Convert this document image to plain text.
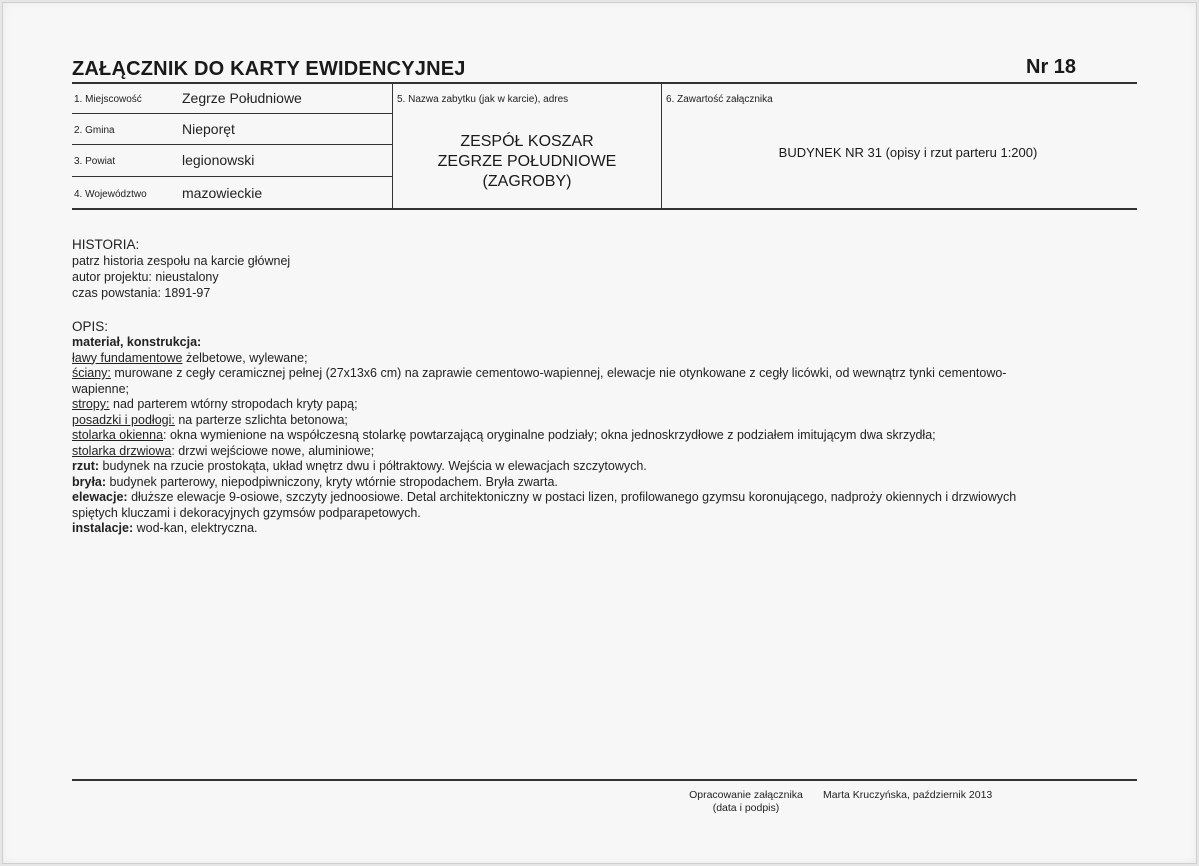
ZAŁĄCZNIK DO KARTY EWIDENCYJNEJ	Nr 18
1. Miejscowość	Zegrze Południowe
2. Gmina	Nieporęt
3. Powiat	legionowski
4. Województwo	mazowieckie
5. Nazwa zabytku (jak w karcie), adres
ZESPÓŁ KOSZAR
ZEGRZE POŁUDNIOWE
(ZAGROBY)
6. Zawartość załącznika
BUDYNEK NR 31 (opisy i rzut parteru 1:200)
HISTORIA:
patrz historia zespołu na karcie głównej
autor projektu: nieustalony
czas powstania: 1891-97
OPIS:
materiał, konstrukcja:
ławy fundamentowe żelbetowe, wylewane;
ściany: murowane z cegły ceramicznej pełnej (27x13x6 cm) na zaprawie cementowo-wapiennej, elewacje nie otynkowane z cegły licówki, od wewnątrz tynki cementowo-
wapienne;
stropy: nad parterem wtórny stropodach kryty papą;
posadzki i podłogi: na parterze szlichta betonowa;
stolarka okienna: okna wymienione na współczesną stolarkę powtarzającą oryginalne podziały; okna jednoskrzydłowe z podziałem imitującym dwa skrzydła;
stolarka drzwiowa: drzwi wejściowe nowe, aluminiowe;
rzut: budynek na rzucie prostokąta, układ wnętrz dwu i półtraktowy. Wejścia w elewacjach szczytowych.
bryła: budynek parterowy, niepodpiwniczony, kryty wtórnie stropodachem. Bryła zwarta.
elewacje: dłuższe elewacje 9-osiowe, szczyty jednoosiowe. Detal architektoniczny w postaci lizen, profilowanego gzymsu koronującego, nadproży okiennych i drzwiowych
spiętych kluczami i dekoracyjnych gzymsów podparapetowych.
instalacje: wod-kan, elektryczna.
Opracowanie załącznika
(data i podpis)
Marta Kruczyńska, październik 2013
